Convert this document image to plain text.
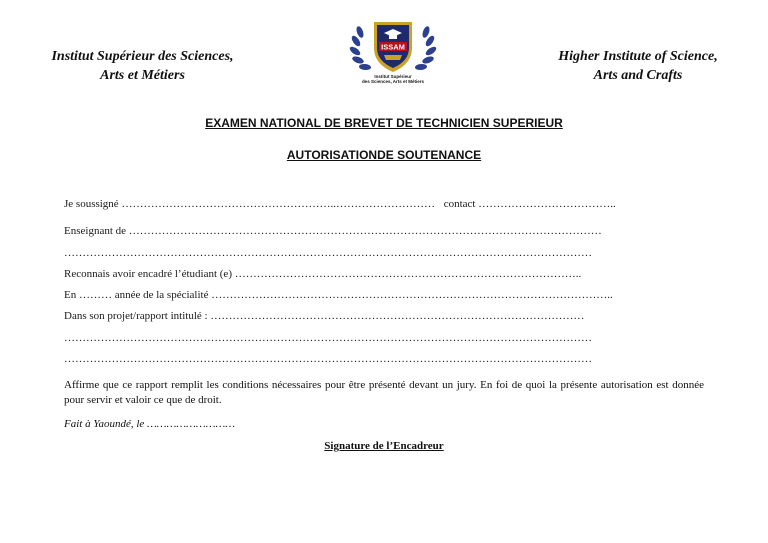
Institut Supérieur des Sciences,
Arts et Métiers
Higher Institute of Science,
Arts and Crafts
ISSAM
Institut Supérieur
des Sciences, Arts et Métiers
EXAMEN NATIONAL DE BREVET DE TECHNICIEN SUPERIEUR
AUTORISATIONDE SOUTENANCE
Je soussigné …………………………………………………..……………………… contact ………………………………..
Enseignant de …………………………………………………………………………………………………………………
………………………………………………………………………………………………………………………………
Reconnais avoir encadré l’étudiant (e) …………………………………………………………………………………..
En ……… année de la spécialité ………………………………………………………………………………………………..
Dans son projet/rapport intitulé : …………………………………………………………………………………………
………………………………………………………………………………………………………………………………
………………………………………………………………………………………………………………………………
Affirme que ce rapport remplit les conditions nécessaires pour être présenté devant un jury. En foi de quoi la présente autorisation est donnée pour servir et valoir ce que de droit.
Fait à Yaoundé, le ………………………
Signature de l’Encadreur
